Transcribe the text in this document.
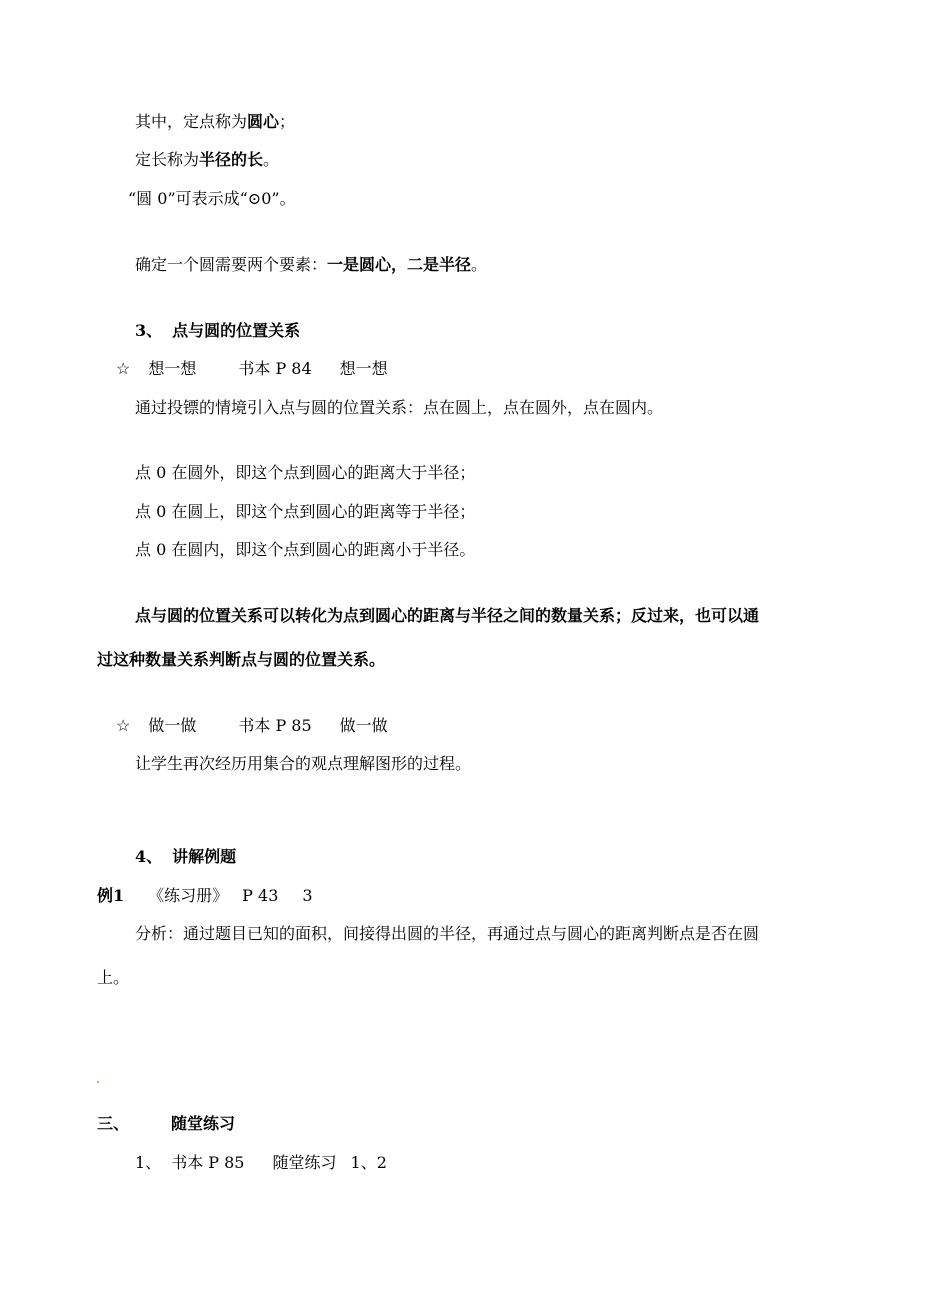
其中，定点称为圆心；
定长称为半径的长。
“圆 0”可表示成“⊙0”。
确定一个圆需要两个要素：一是圆心，二是半径。
3、 点与圆的位置关系
☆ 想一想	书本 P 84 想一想
通过投镖的情境引入点与圆的位置关系：点在圆上，点在圆外，点在圆内。
点 0 在圆外，即这个点到圆心的距离大于半径；
点 0 在圆上，即这个点到圆心的距离等于半径；
点 0 在圆内，即这个点到圆心的距离小于半径。
点与圆的位置关系可以转化为点到圆心的距离与半径之间的数量关系；反过来，也可以通
过这种数量关系判断点与圆的位置关系。
☆ 做一做	书本 P 85 做一做
让学生再次经历用集合的观点理解图形的过程。
4、 讲解例题
例1 《练习册》 P 43 3
分析：通过题目已知的面积，间接得出圆的半径，再通过点与圆心的距离判断点是否在圆
上。
三、	随堂练习
1、 书本 P 85 随堂练习 1、2
